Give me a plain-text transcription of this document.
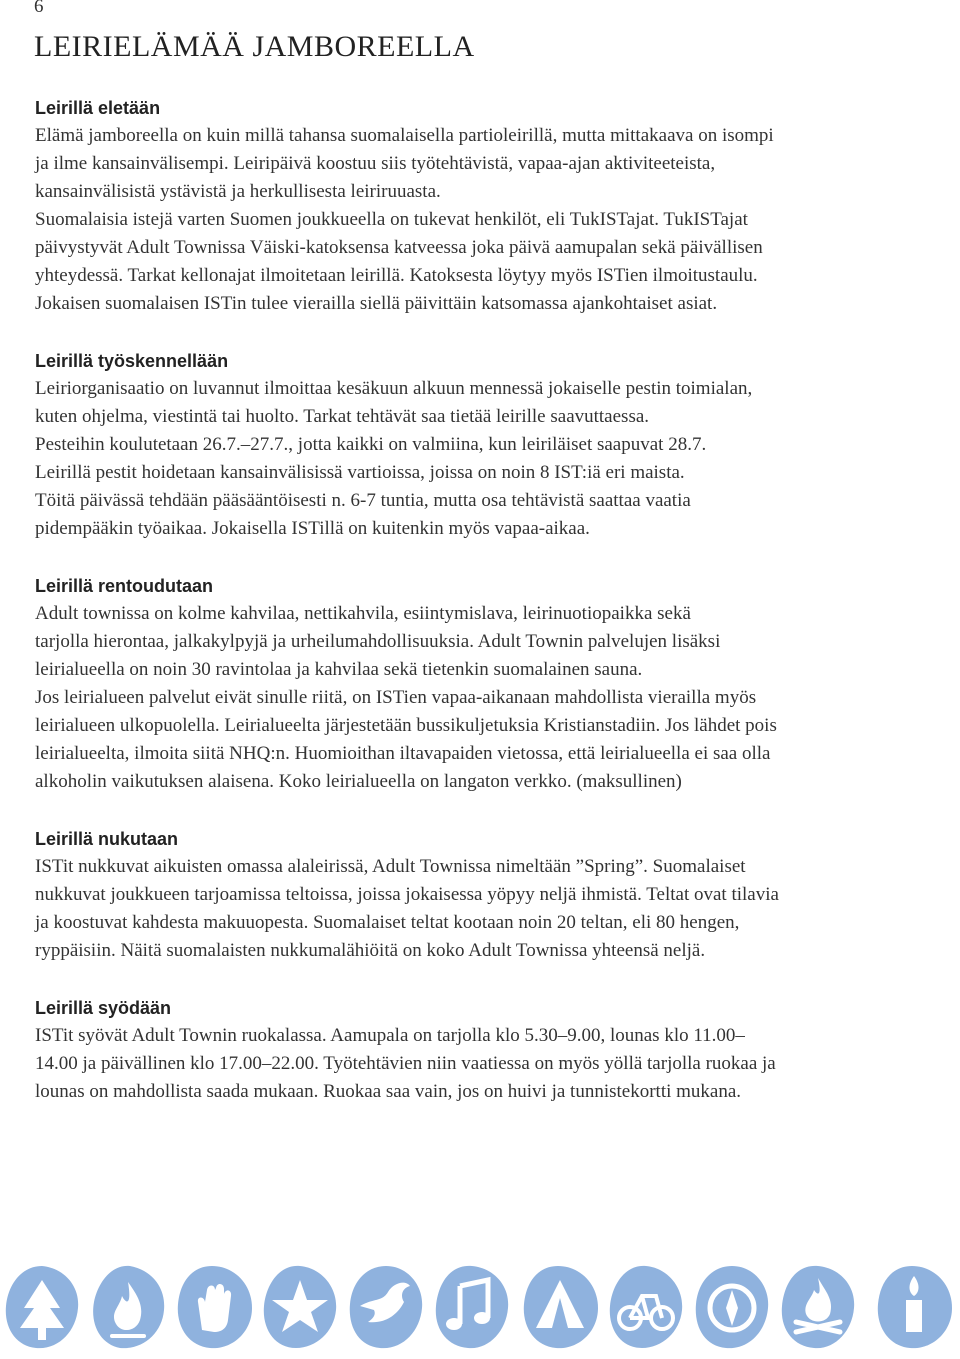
6
LEIRIELÄMÄÄ JAMBOREELLA
Leirillä eletään

Elämä jamboreella on kuin millä tahansa suomalaisella partioleirillä, mutta mittakaava on isompi

ja ilme kansainvälisempi. Leiripäivä koostuu siis työtehtävistä, vapaa-ajan aktiviteeteista,

kansainvälisistä ystävistä ja herkullisesta leiriruuasta.

Suomalaisia istejä varten Suomen joukkueella on tukevat henkilöt, eli TukISTajat. TukISTajat

päivystyvät Adult Townissa Väiski-katoksensa katveessa joka päivä aamupalan sekä päivällisen

yhteydessä. Tarkat kellonajat ilmoitetaan leirillä. Katoksesta löytyy myös ISTien ilmoitustaulu.

Jokaisen suomalaisen ISTin tulee vierailla siellä päivittäin katsomassa ajankohtaiset asiat.

Leirillä työskennellään

Leiriorganisaatio on luvannut ilmoittaa kesäkuun alkuun mennessä jokaiselle pestin toimialan,

kuten ohjelma, viestintä tai huolto. Tarkat tehtävät saa tietää leirille saavuttaessa.

Pesteihin koulutetaan 26.7.–27.7., jotta kaikki on valmiina, kun leiriläiset saapuvat 28.7.

Leirillä pestit hoidetaan kansainvälisissä vartioissa, joissa on noin 8 IST:iä eri maista.

Töitä päivässä tehdään pääsääntöisesti n. 6-7 tuntia, mutta osa tehtävistä saattaa vaatia

pidempääkin työaikaa. Jokaisella ISTillä on kuitenkin myös vapaa-aikaa.

Leirillä rentoudutaan

Adult townissa on kolme kahvilaa, nettikahvila, esiintymislava, leirinuotiopaikka sekä

tarjolla hierontaa, jalkakylpyjä ja urheilumahdollisuuksia. Adult Townin palvelujen lisäksi

leirialueella on noin 30 ravintolaa ja kahvilaa sekä tietenkin suomalainen sauna.

Jos leirialueen palvelut eivät sinulle riitä, on ISTien vapaa-aikanaan mahdollista vierailla myös

leirialueen ulkopuolella. Leirialueelta järjestetään bussikuljetuksia Kristianstadiin. Jos lähdet pois

leirialueelta, ilmoita siitä NHQ:n. Huomioithan iltavapaiden vietossa, että leirialueella ei saa olla

alkoholin vaikutuksen alaisena. Koko leirialueella on langaton verkko. (maksullinen)

Leirillä nukutaan

ISTit nukkuvat aikuisten omassa alaleirissä, Adult Townissa nimeltään ”Spring”. Suomalaiset

nukkuvat joukkueen tarjoamissa teltoissa, joissa jokaisessa yöpyy neljä ihmistä. Teltat ovat tilavia

ja koostuvat kahdesta makuuopesta. Suomalaiset teltat kootaan noin 20 teltan, eli 80 hengen,

ryppäisiin. Näitä suomalaisten nukkumalähiöitä on koko Adult Townissa yhteensä neljä.

Leirillä syödään

ISTit syövät Adult Townin ruokalassa. Aamupala on tarjolla klo 5.30–9.00, lounas klo 11.00–

14.00 ja päivällinen klo 17.00–22.00. Työtehtävien niin vaatiessa on myös yöllä tarjolla ruokaa ja

lounas on mahdollista saada mukaan. Ruokaa saa vain, jos on huivi ja tunnistekortti mukana.
